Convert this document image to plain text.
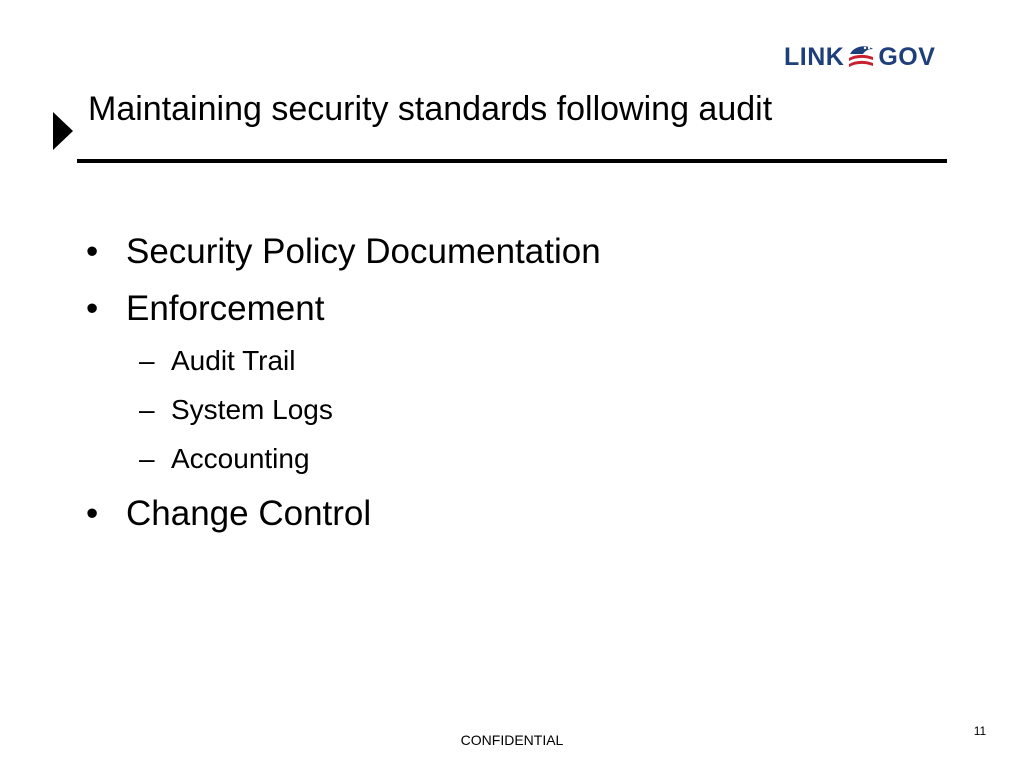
LINK GOV
Maintaining security standards following audit
• Security Policy Documentation
• Enforcement
– Audit Trail
– System Logs
– Accounting
• Change Control
CONFIDENTIAL
11
